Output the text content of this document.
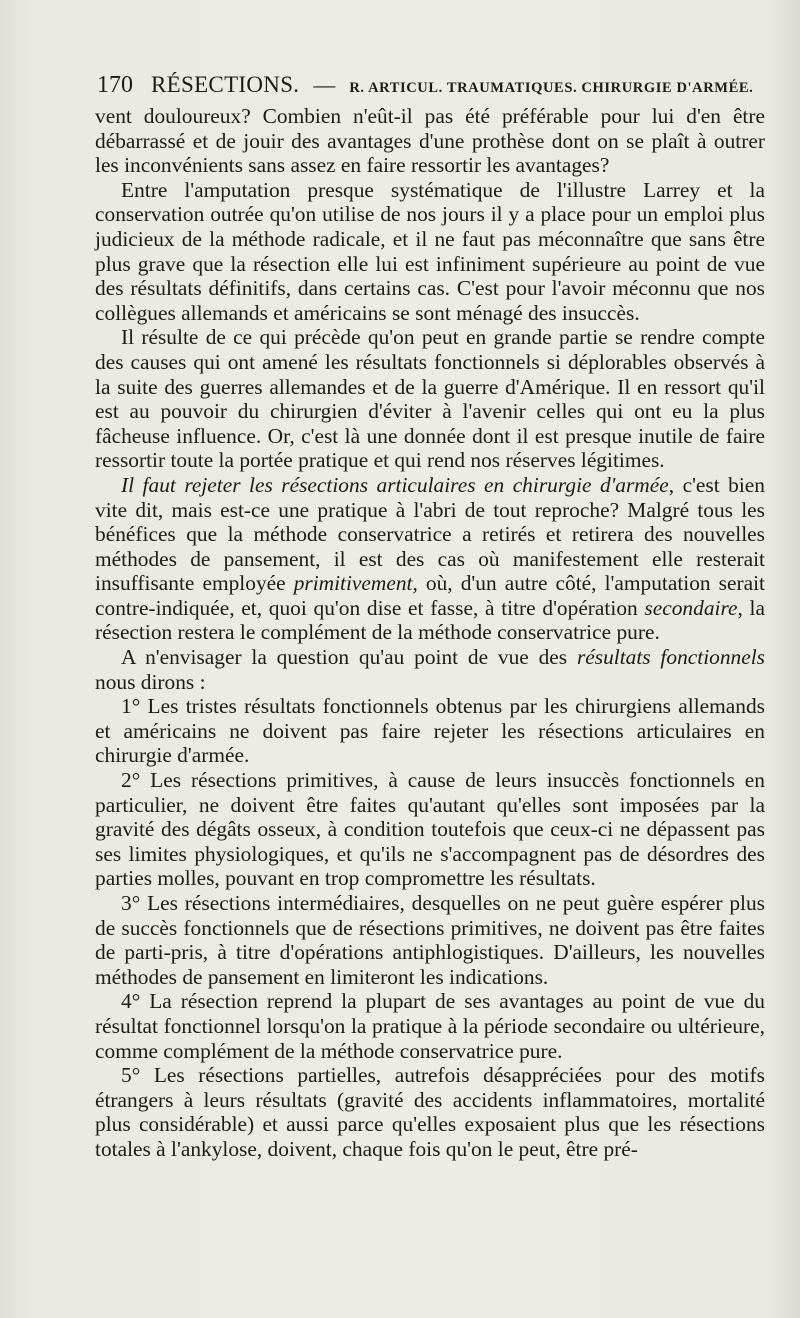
170 RÉSECTIONS. — R. ARTICUL. TRAUMATIQUES. CHIRURGIE D'ARMÉE.

vent douloureux? Combien n'eût-il pas été préférable pour lui d'en être débarrassé et de jouir des avantages d'une prothèse dont on se plaît à outrer les inconvénients sans assez en faire ressortir les avantages?

Entre l'amputation presque systématique de l'illustre Larrey et la conservation outrée qu'on utilise de nos jours il y a place pour un emploi plus judicieux de la méthode radicale, et il ne faut pas méconnaître que sans être plus grave que la résection elle lui est infiniment supérieure au point de vue des résultats définitifs, dans certains cas. C'est pour l'avoir méconnu que nos collègues allemands et américains se sont ménagé des insuccès.

Il résulte de ce qui précède qu'on peut en grande partie se rendre compte des causes qui ont amené les résultats fonctionnels si déplorables observés à la suite des guerres allemandes et de la guerre d'Amérique. Il en ressort qu'il est au pouvoir du chirurgien d'éviter à l'avenir celles qui ont eu la plus fâcheuse influence. Or, c'est là une donnée dont il est presque inutile de faire ressortir toute la portée pratique et qui rend nos réserves légitimes.

Il faut rejeter les résections articulaires en chirurgie d'armée, c'est bien vite dit, mais est-ce une pratique à l'abri de tout reproche? Malgré tous les bénéfices que la méthode conservatrice a retirés et retirera des nouvelles méthodes de pansement, il est des cas où manifestement elle resterait insuffisante employée primitivement, où, d'un autre côté, l'amputation serait contre-indiquée, et, quoi qu'on dise et fasse, à titre d'opération secondaire, la résection restera le complément de la méthode conservatrice pure.

A n'envisager la question qu'au point de vue des résultats fonctionnels nous dirons :

1° Les tristes résultats fonctionnels obtenus par les chirurgiens allemands et américains ne doivent pas faire rejeter les résections articulaires en chirurgie d'armée.

2° Les résections primitives, à cause de leurs insuccès fonctionnels en particulier, ne doivent être faites qu'autant qu'elles sont imposées par la gravité des dégâts osseux, à condition toutefois que ceux-ci ne dépassent pas ses limites physiologiques, et qu'ils ne s'accompagnent pas de désordres des parties molles, pouvant en trop compromettre les résultats.

3° Les résections intermédiaires, desquelles on ne peut guère espérer plus de succès fonctionnels que de résections primitives, ne doivent pas être faites de parti-pris, à titre d'opérations antiphlogistiques. D'ailleurs, les nouvelles méthodes de pansement en limiteront les indications.

4° La résection reprend la plupart de ses avantages au point de vue du résultat fonctionnel lorsqu'on la pratique à la période secondaire ou ultérieure, comme complément de la méthode conservatrice pure.

5° Les résections partielles, autrefois désappréciées pour des motifs étrangers à leurs résultats (gravité des accidents inflammatoires, mortalité plus considérable) et aussi parce qu'elles exposaient plus que les résections totales à l'ankylose, doivent, chaque fois qu'on le peut, être pré-
